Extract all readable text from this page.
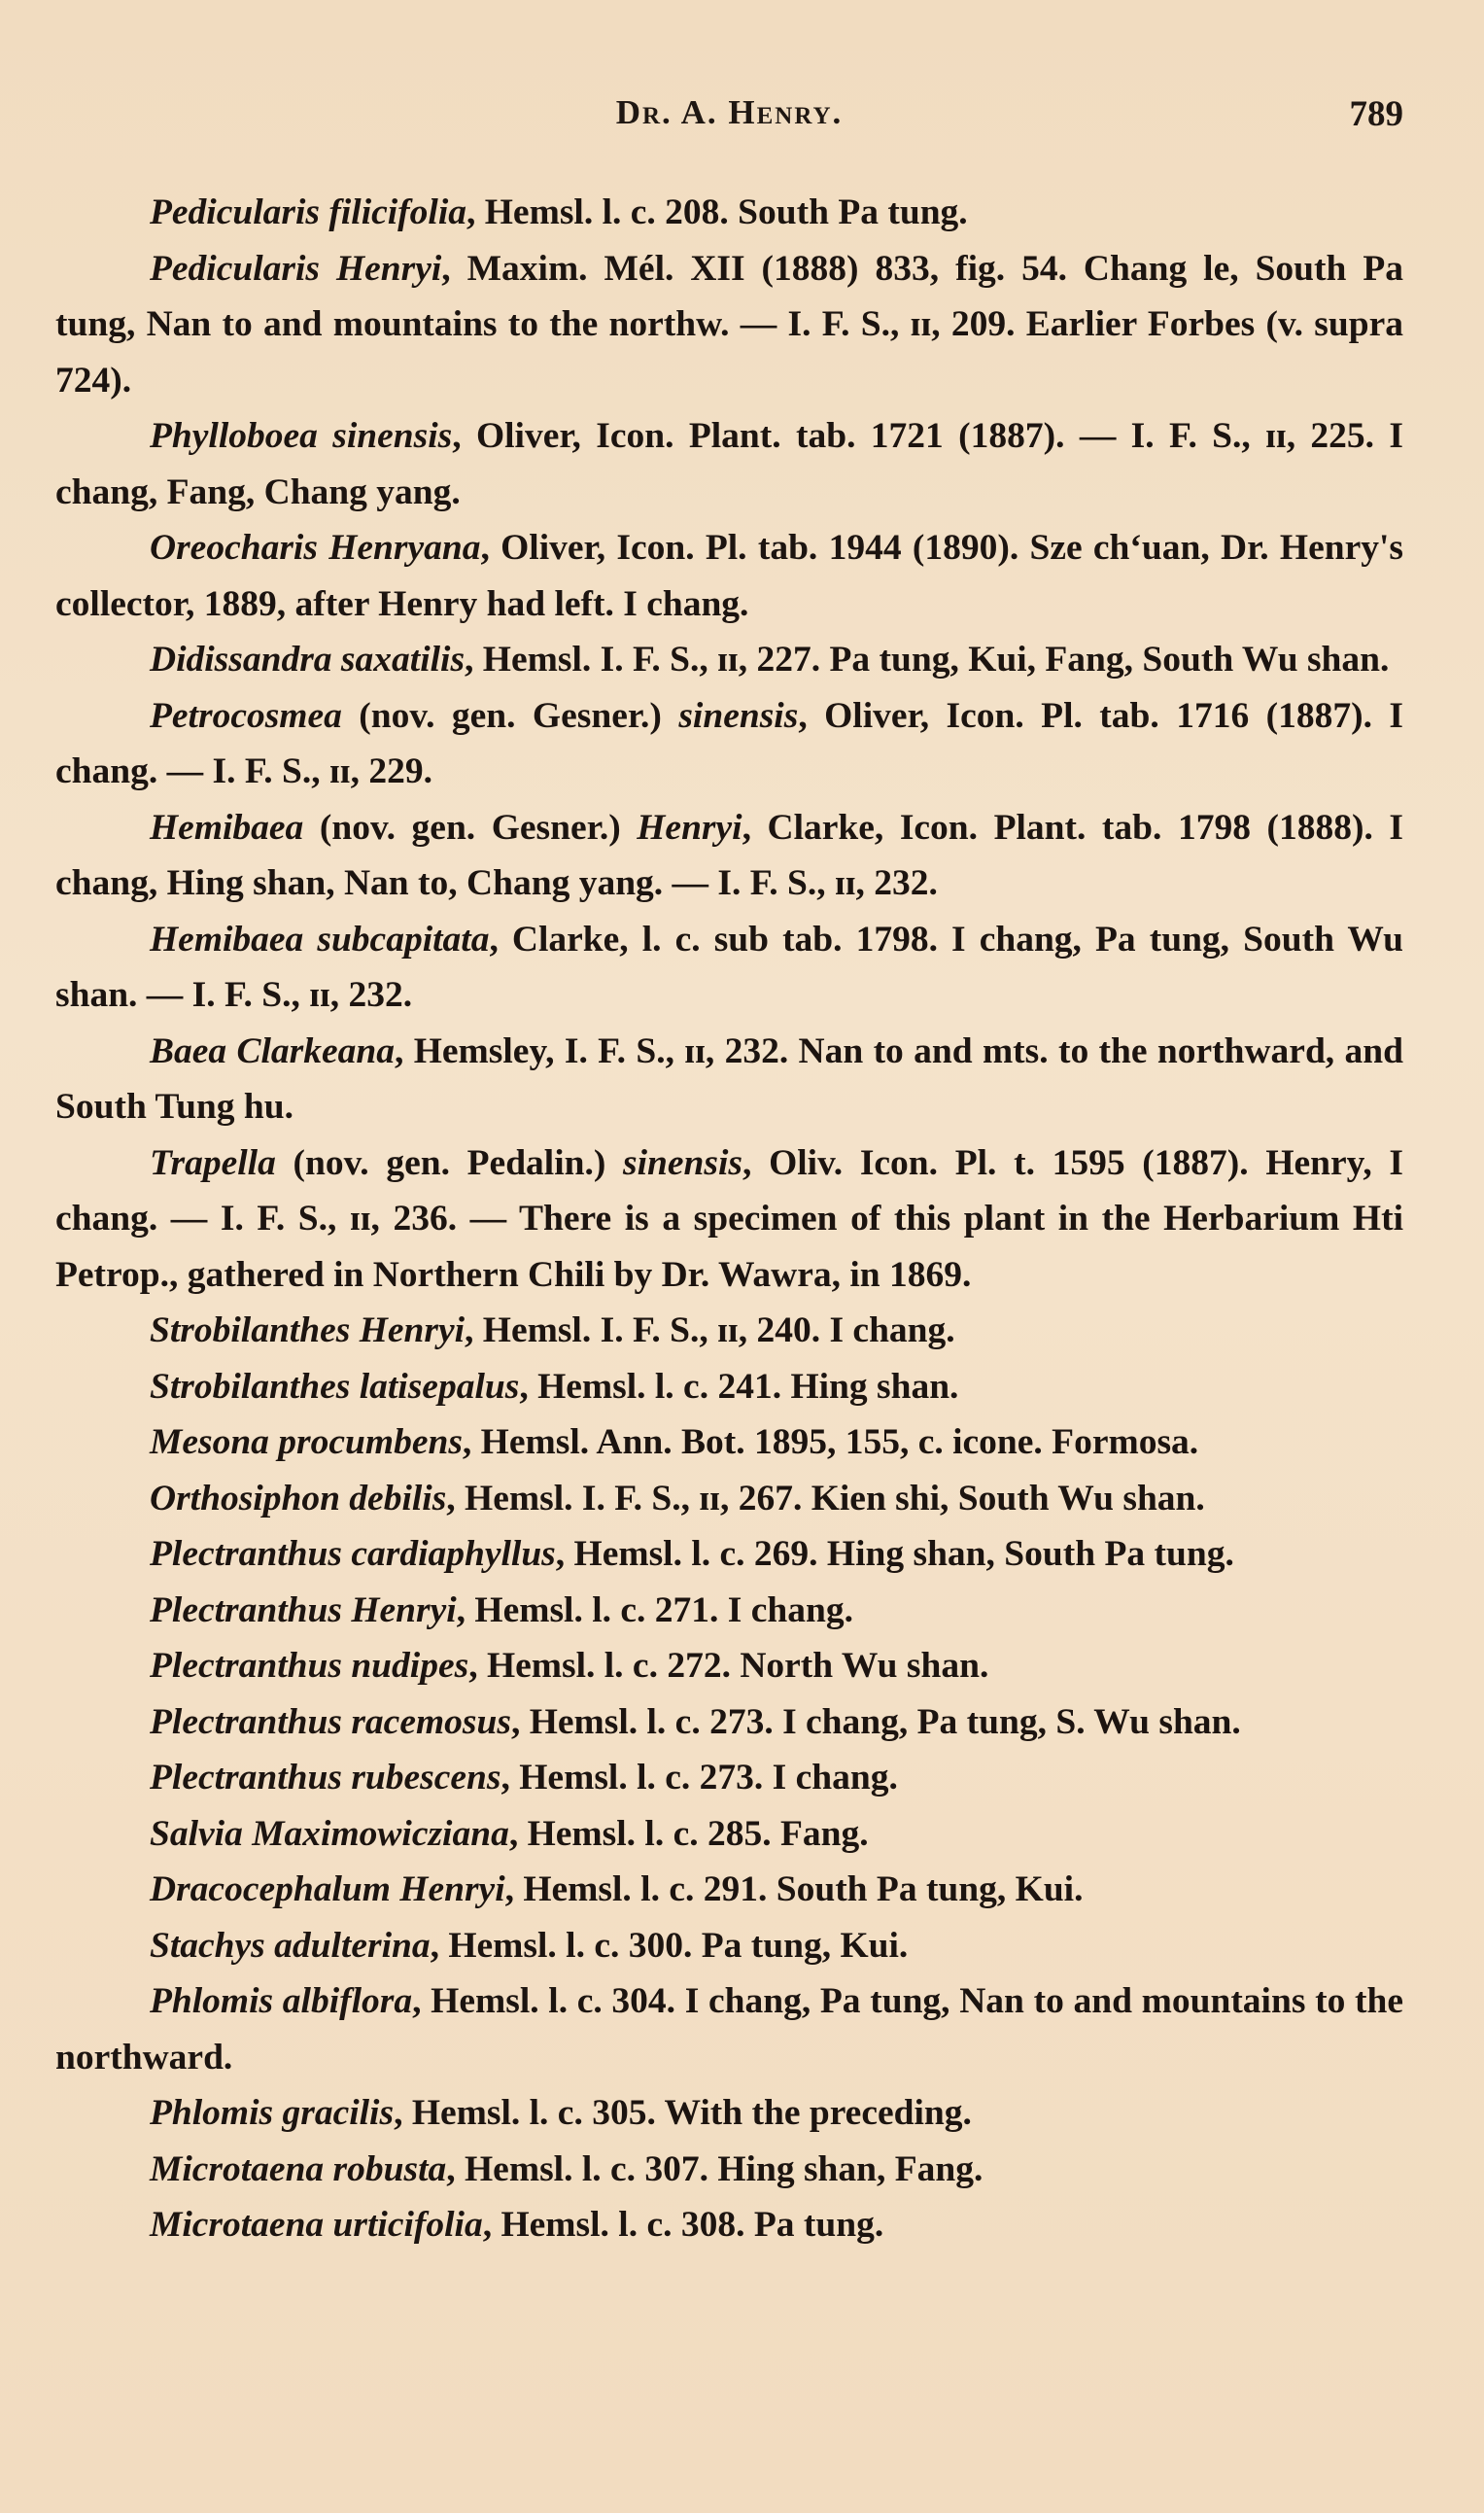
Dr. A. Henry.	789

Pedicularis filicifolia, Hemsl. l. c. 208. South Pa tung.

Pedicularis Henryi, Maxim. Mél. XII (1888) 833, fig. 54. Chang le, South Pa tung, Nan to and mountains to the northw. — I. F. S., ɪɪ, 209. Earlier Forbes (v. supra 724).

Phylloboea sinensis, Oliver, Icon. Plant. tab. 1721 (1887). — I. F. S., ɪɪ, 225. I chang, Fang, Chang yang.

Oreocharis Henryana, Oliver, Icon. Pl. tab. 1944 (1890). Sze ch‘uan, Dr. Henry's collector, 1889, after Henry had left. I chang.

Didissandra saxatilis, Hemsl. I. F. S., ɪɪ, 227. Pa tung, Kui, Fang, South Wu shan.

Petrocosmea (nov. gen. Gesner.) sinensis, Oliver, Icon. Pl. tab. 1716 (1887). I chang. — I. F. S., ɪɪ, 229.

Hemibaea (nov. gen. Gesner.) Henryi, Clarke, Icon. Plant. tab. 1798 (1888). I chang, Hing shan, Nan to, Chang yang. — I. F. S., ɪɪ, 232.

Hemibaea subcapitata, Clarke, l. c. sub tab. 1798. I chang, Pa tung, South Wu shan. — I. F. S., ɪɪ, 232.

Baea Clarkeana, Hemsley, I. F. S., ɪɪ, 232. Nan to and mts. to the northward, and South Tung hu.

Trapella (nov. gen. Pedalin.) sinensis, Oliv. Icon. Pl. t. 1595 (1887). Henry, I chang. — I. F. S., ɪɪ, 236. — There is a specimen of this plant in the Herbarium Hti Petrop., gathered in Northern Chili by Dr. Wawra, in 1869.

Strobilanthes Henryi, Hemsl. I. F. S., ɪɪ, 240. I chang.

Strobilanthes latisepalus, Hemsl. l. c. 241. Hing shan.

Mesona procumbens, Hemsl. Ann. Bot. 1895, 155, c. icone. Formosa.

Orthosiphon debilis, Hemsl. I. F. S., ɪɪ, 267. Kien shi, South Wu shan.

Plectranthus cardiaphyllus, Hemsl. l. c. 269. Hing shan, South Pa tung.

Plectranthus Henryi, Hemsl. l. c. 271. I chang.

Plectranthus nudipes, Hemsl. l. c. 272. North Wu shan.

Plectranthus racemosus, Hemsl. l. c. 273. I chang, Pa tung, S. Wu shan.

Plectranthus rubescens, Hemsl. l. c. 273. I chang.

Salvia Maximowicziana, Hemsl. l. c. 285. Fang.

Dracocephalum Henryi, Hemsl. l. c. 291. South Pa tung, Kui.

Stachys adulterina, Hemsl. l. c. 300. Pa tung, Kui.

Phlomis albiflora, Hemsl. l. c. 304. I chang, Pa tung, Nan to and mountains to the northward.

Phlomis gracilis, Hemsl. l. c. 305. With the preceding.

Microtaena robusta, Hemsl. l. c. 307. Hing shan, Fang.

Microtaena urticifolia, Hemsl. l. c. 308. Pa tung.
